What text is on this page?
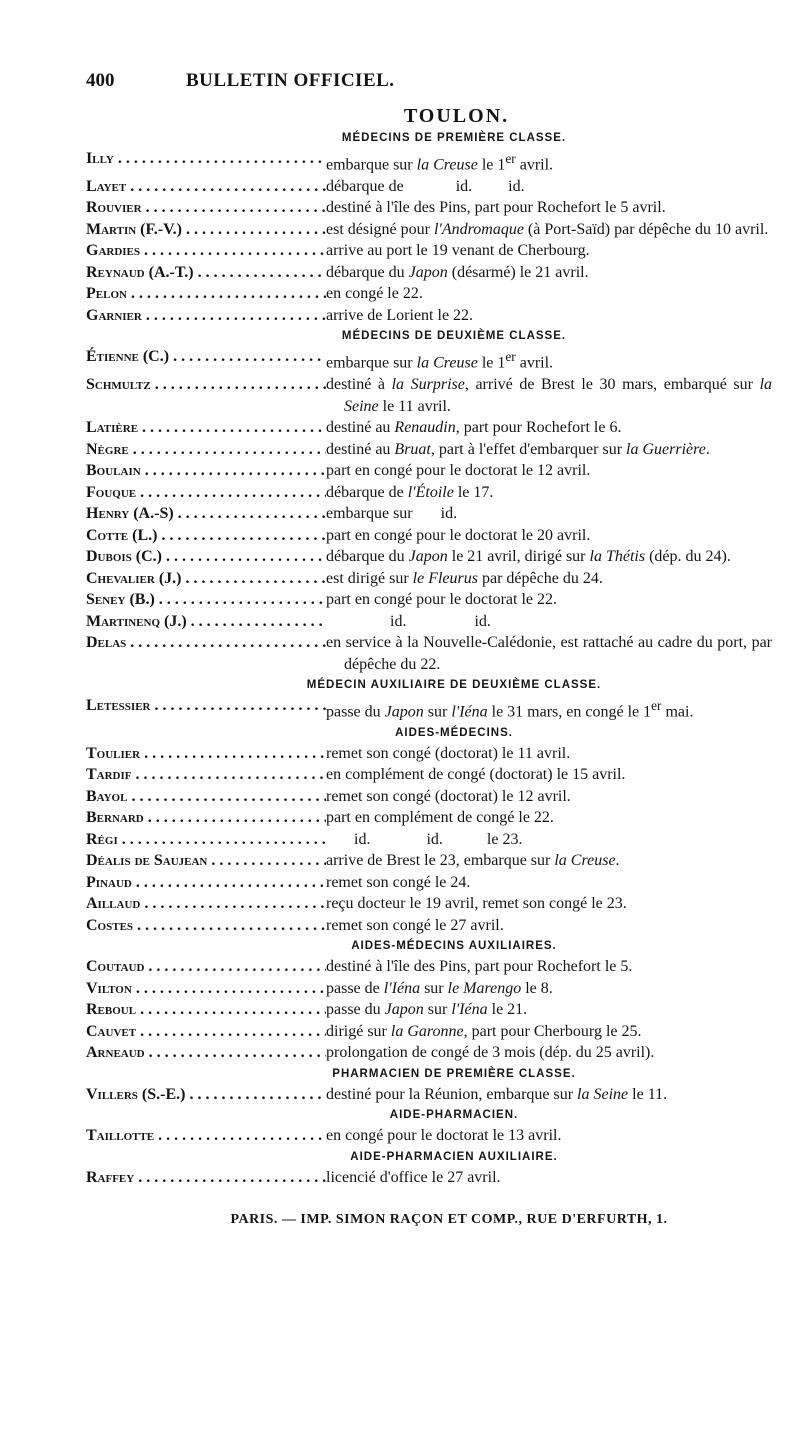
400	BULLETIN OFFICIEL.
TOULON.
MÉDECINS DE PREMIÈRE CLASSE.
Illy . . .	embarque sur la Creuse le 1er avril.
Layet . . .	débarque de             id.         id.
Rouvier . . .	destiné à l'île des Pins, part pour Rochefort le 5 avril.
Martin (F.-V.) . . .	est désigné pour l'Andromaque (à Port-Saïd) par dépêche du 10 avril.
Gardies . . .	arrive au port le 19 venant de Cherbourg.
Reynaud (A.-T.) . . .	débarque du Japon (désarmé) le 21 avril.
Pelon . . .	en congé le 22.
Garnier . . .	arrive de Lorient le 22.
MÉDECINS DE DEUXIÈME CLASSE.
Étienne (C.) . . .	embarque sur la Creuse le 1er avril.
Schmultz . . .	destiné à la Surprise, arrivé de Brest le 30 mars, embarqué sur la Seine le 11 avril.
Latière . . .	destiné au Renaudin, part pour Rochefort le 6.
Nègre . . .	destiné au Bruat, part à l'effet d'embarquer sur la Guerrière.
Boulain . . .	part en congé pour le doctorat le 12 avril.
Fouque . . .	débarque de l'Étoile le 17.
Henry (A.-S) . . .	embarque sur       id.
Cotte (L.) . . .	part en congé pour le doctorat le 20 avril.
Dubois (C.) . . .	débarque du Japon le 21 avril, dirigé sur la Thétis (dép. du 24).
Chevalier (J.) . . .	est dirigé sur le Fleurus par dépêche du 24.
Seney (B.) . . .	part en congé pour le doctorat le 22.
Martinenq (J.) . . .	id.                 id.
Delas . . .	en service à la Nouvelle-Calédonie, est rattaché au cadre du port, par dépêche du 22.
MÉDECIN AUXILIAIRE DE DEUXIÈME CLASSE.
Letessier . . .	passe du Japon sur l'Iéna le 31 mars, en congé le 1er mai.
AIDES-MÉDECINS.
Toulier . . .	remet son congé (doctorat) le 11 avril.
Tardif . . .	en complément de congé (doctorat) le 15 avril.
Bayol . . .	remet son congé (doctorat) le 12 avril.
Bernard . . .	part en complément de congé le 22.
Régi . . .	id.              id.           le 23.
Déalis de Saujean . . .	arrive de Brest le 23, embarque sur la Creuse.
Pinaud . . .	remet son congé le 24.
Aillaud . . .	reçu docteur le 19 avril, remet son congé le 23.
Costes . . .	remet son congé le 27 avril.
AIDES-MÉDECINS AUXILIAIRES.
Coutaud . . .	destiné à l'île des Pins, part pour Rochefort le 5.
Vilton . . .	passe de l'Iéna sur le Marengo le 8.
Reboul . . .	passe du Japon sur l'Iéna le 21.
Cauvet . . .	dirigé sur la Garonne, part pour Cherbourg le 25.
Arneaud . . .	prolongation de congé de 3 mois (dép. du 25 avril).
PHARMACIEN DE PREMIÈRE CLASSE.
Villers (S.-E.) . . .	destiné pour la Réunion, embarque sur la Seine le 11.
AIDE-PHARMACIEN.
Taillotte . . .	en congé pour le doctorat le 13 avril.
AIDE-PHARMACIEN AUXILIAIRE.
Raffey . . .	licencié d'office le 27 avril.
PARIS. — IMP. SIMON RAÇON ET COMP., RUE D'ERFURTH, 1.
